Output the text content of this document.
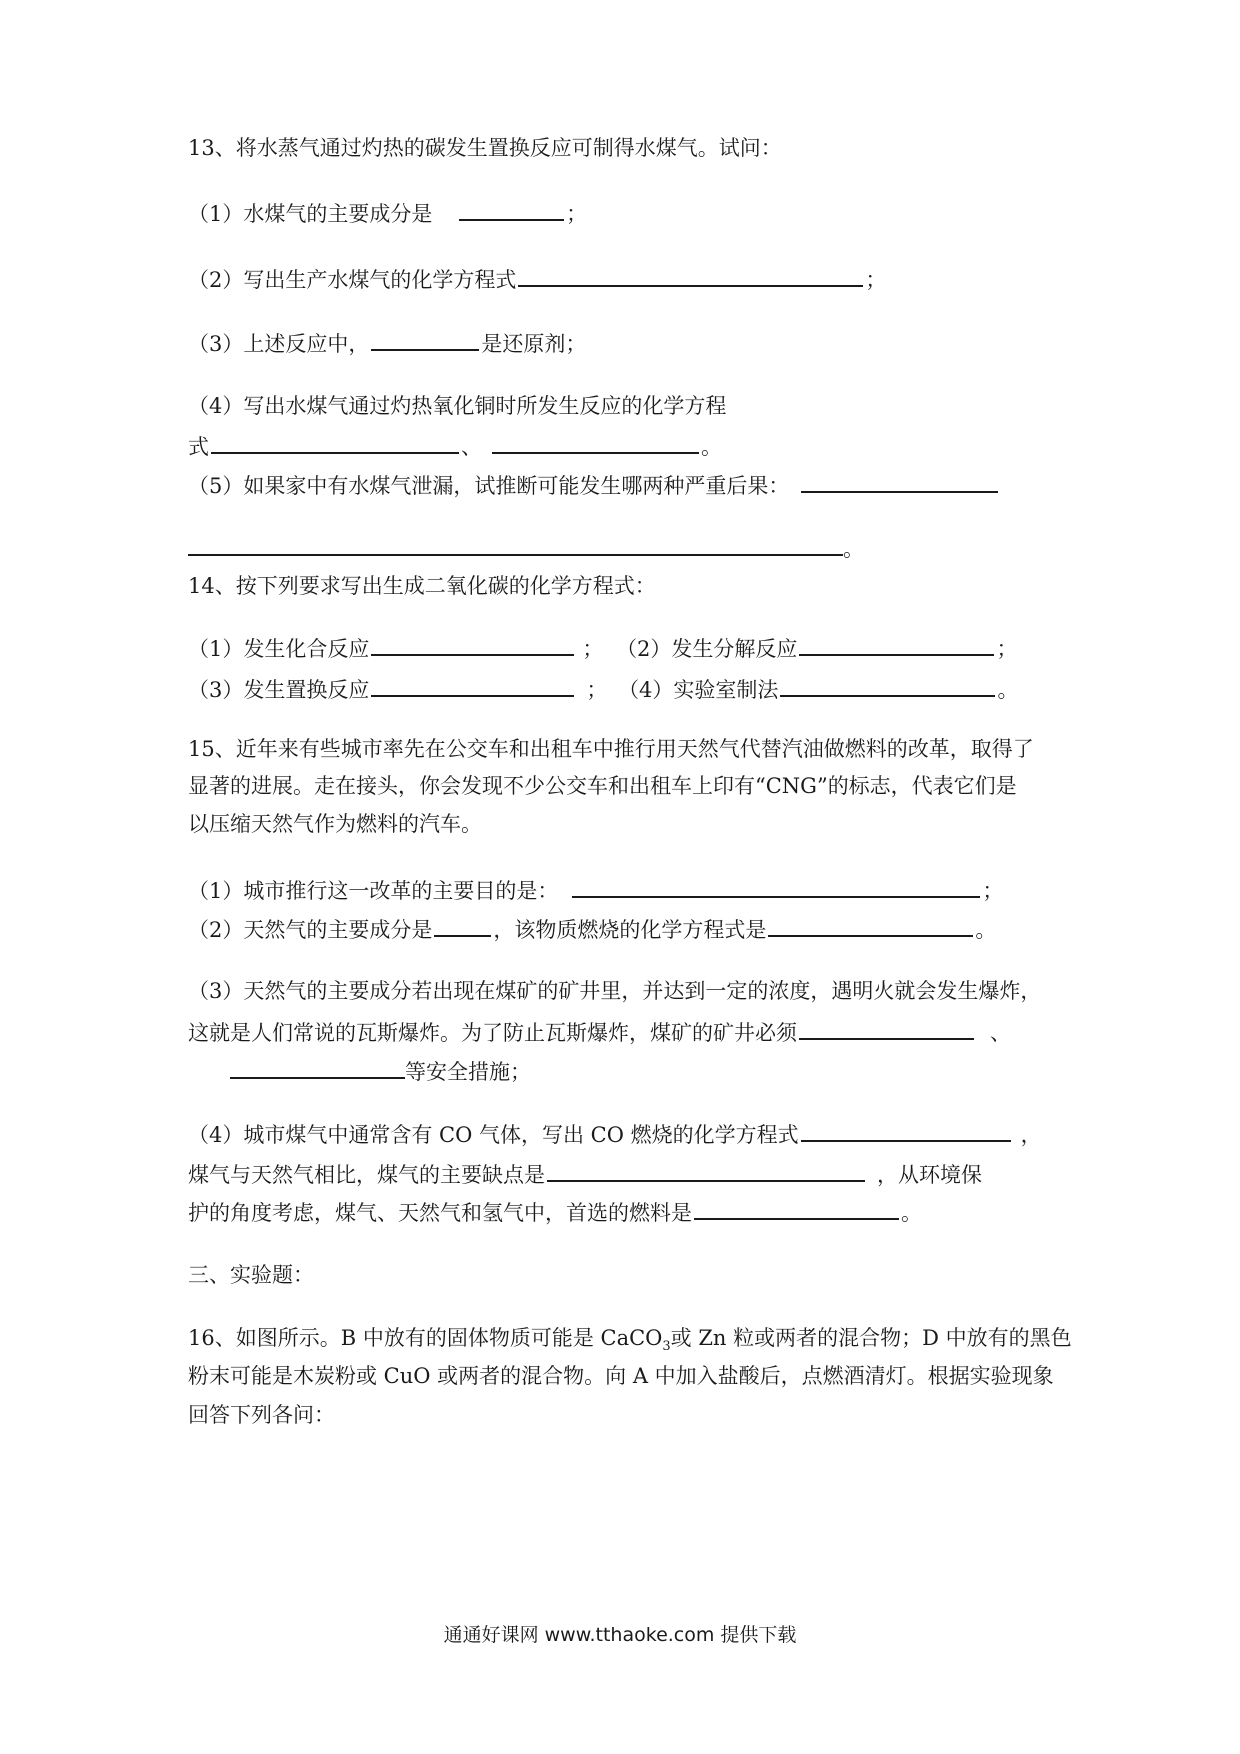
13、将水蒸气通过灼热的碳发生置换反应可制得水煤气。试问：
（1）水煤气的主要成分是	；
（2）写出生产水煤气的化学方程式	；
（3）上述反应中，	是还原剂；
（4）写出水煤气通过灼热氧化铜时所发生反应的化学方程
式	、	。
（5）如果家中有水煤气泄漏，试推断可能发生哪两种严重后果：
。
14、按下列要求写出生成二氧化碳的化学方程式：
（1）发生化合反应	； （2）发生分解反应	；
（3）发生置换反应	； （4）实验室制法	。
15、近年来有些城市率先在公交车和出租车中推行用天然气代替汽油做燃料的改革，取得了
显著的进展。走在接头，你会发现不少公交车和出租车上印有“CNG”的标志，代表它们是
以压缩天然气作为燃料的汽车。
（1）城市推行这一改革的主要目的是：	；
（2）天然气的主要成分是	，该物质燃烧的化学方程式是	。
（3）天然气的主要成分若出现在煤矿的矿井里，并达到一定的浓度，遇明火就会发生爆炸，
这就是人们常说的瓦斯爆炸。为了防止瓦斯爆炸，煤矿的矿井必须	、
等安全措施；
（4）城市煤气中通常含有 CO 气体，写出 CO 燃烧的化学方程式	，
煤气与天然气相比，煤气的主要缺点是	，从环境保
护的角度考虑，煤气、天然气和氢气中，首选的燃料是	。
三、实验题：
16、如图所示。B 中放有的固体物质可能是 CaCO$_3$或 Zn 粒或两者的混合物；D 中放有的黑色
粉末可能是木炭粉或 CuO 或两者的混合物。向 A 中加入盐酸后，点燃酒清灯。根据实验现象
回答下列各问：
通通好课网 www.tthaoke.com 提供下载
